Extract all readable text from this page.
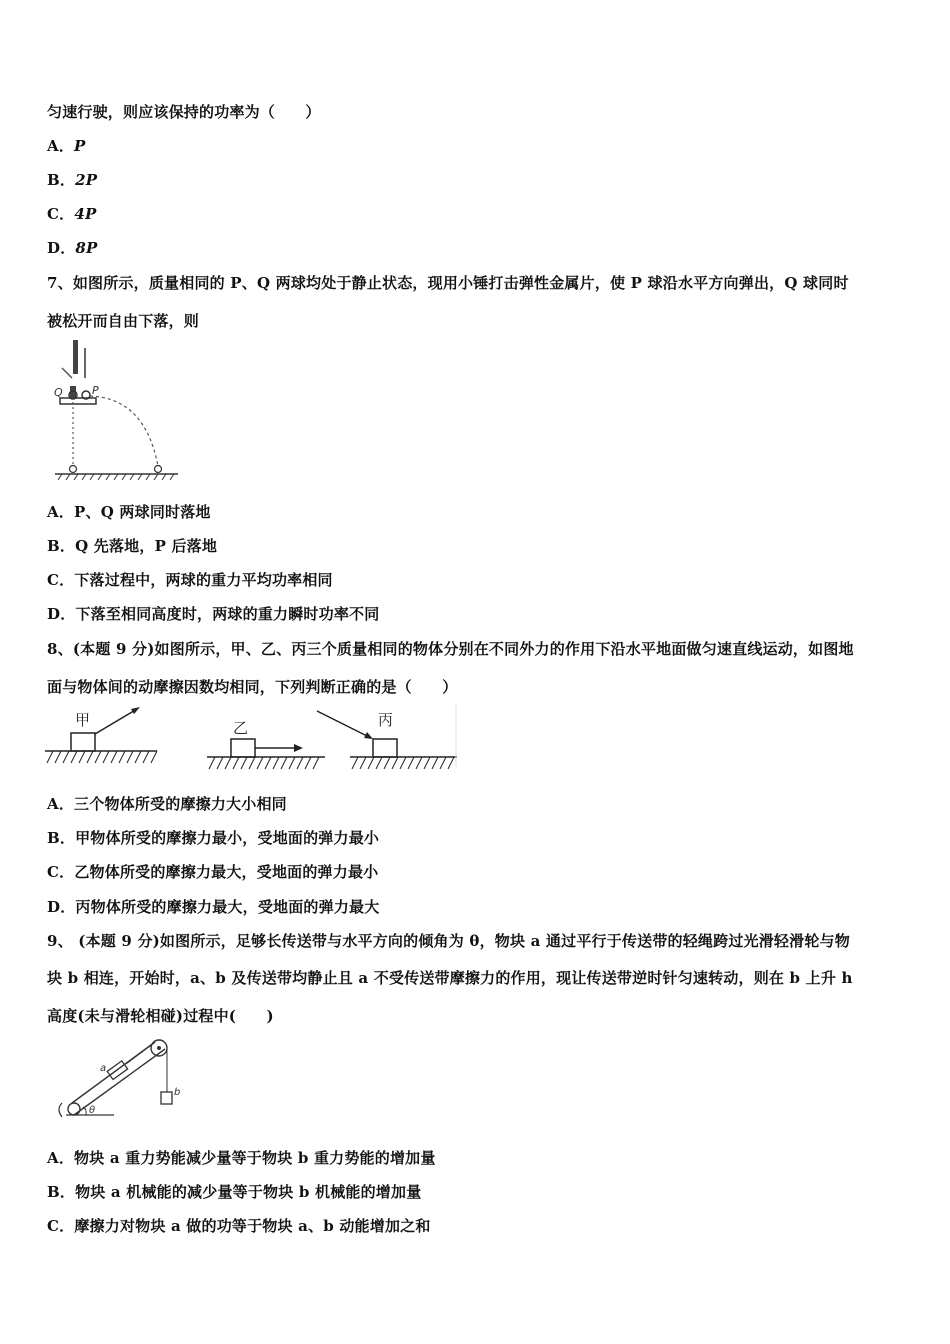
匀速行驶，则应该保持的功率为（　　）
A．P
B．2P
C．4P
D．8P
7、如图所示，质量相同的 P、Q 两球均处于静止状态，现用小锤打击弹性金属片，使 P 球沿水平方向弹出，Q 球同时
被松开而自由下落，则
Q	P
A．P、Q 两球同时落地
B．Q 先落地，P 后落地
C．下落过程中，两球的重力平均功率相同
D．下落至相同高度时，两球的重力瞬时功率不同
8、(本题 9 分)如图所示，甲、乙、丙三个质量相同的物体分别在不同外力的作用下沿水平地面做匀速直线运动，如图地
面与物体间的动摩擦因数均相同，下列判断正确的是（　　）
甲	乙	丙
A．三个物体所受的摩擦力大小相同
B．甲物体所受的摩擦力最小，受地面的弹力最小
C．乙物体所受的摩擦力最大，受地面的弹力最小
D．丙物体所受的摩擦力最大，受地面的弹力最大
9、 (本题 9 分)如图所示，足够长传送带与水平方向的倾角为 θ，物块 a 通过平行于传送带的轻绳跨过光滑轻滑轮与物
块 b 相连，开始时，a、b 及传送带均静止且 a 不受传送带摩擦力的作用，现让传送带逆时针匀速转动，则在 b 上升 h
高度(未与滑轮相碰)过程中(　　)
a
b
θ
A．物块 a 重力势能减少量等于物块 b 重力势能的增加量
B．物块 a 机械能的减少量等于物块 b 机械能的增加量
C．摩擦力对物块 a 做的功等于物块 a、b 动能增加之和
